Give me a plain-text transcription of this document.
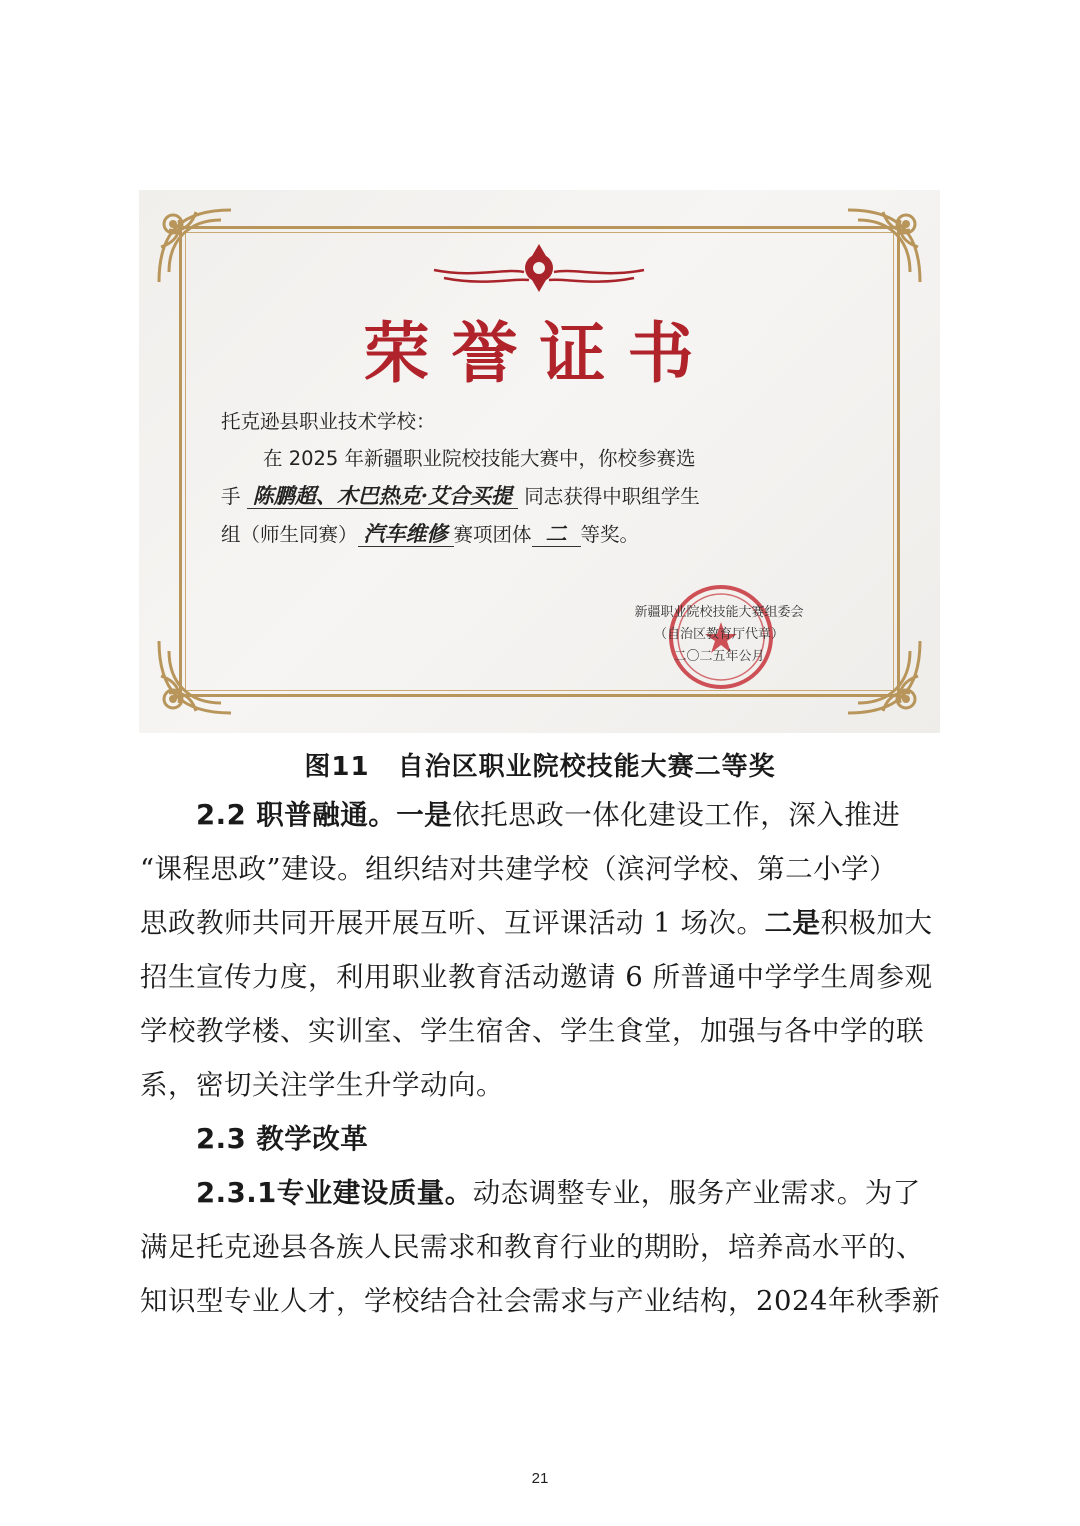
荣誉证书

托克逊县职业技术学校：

在 2025 年新疆职业院校技能大赛中，你校参赛选

手 陈鹏超、木巴热克·艾合买提 同志获得中职组学生

组（师生同赛） 汽车维修 赛项团体 二 等奖。

新疆职业院校技能大赛组委会
（自治区教育厅代章）
二〇二五年公月
图11 自治区职业院校技能大赛二等奖

2.2 职普融通。一是依托思政一体化建设工作，深入推进

“课程思政”建设。组织结对共建学校（滨河学校、第二小学）

思政教师共同开展开展互听、互评课活动 1 场次。二是积极加大

招生宣传力度，利用职业教育活动邀请 6 所普通中学学生周参观

学校教学楼、实训室、学生宿舍、学生食堂，加强与各中学的联

系，密切关注学生升学动向。

2.3 教学改革

2.3.1专业建设质量。动态调整专业，服务产业需求。为了

满足托克逊县各族人民需求和教育行业的期盼，培养高水平的、

知识型专业人才，学校结合社会需求与产业结构，2024年秋季新

21
